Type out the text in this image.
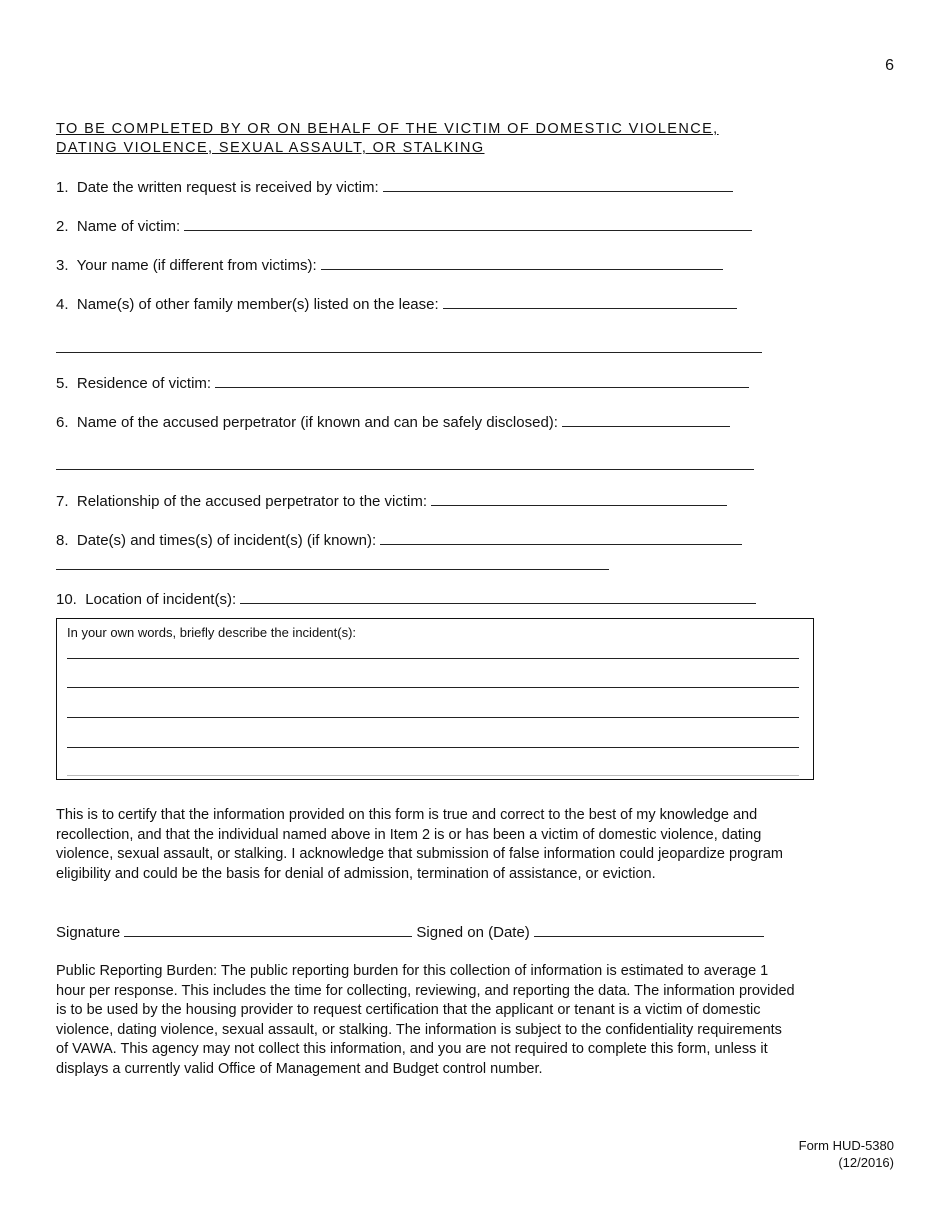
6
TO BE COMPLETED BY OR ON BEHALF OF THE VICTIM OF DOMESTIC VIOLENCE,
DATING VIOLENCE, SEXUAL ASSAULT, OR STALKING
1. Date the written request is received by victim:
2. Name of victim:
3. Your name (if different from victims):
4. Name(s) of other family member(s) listed on the lease:
5. Residence of victim:
6. Name of the accused perpetrator (if known and can be safely disclosed):
7. Relationship of the accused perpetrator to the victim:
8. Date(s) and times(s) of incident(s) (if known):
10. Location of incident(s):
In your own words, briefly describe the incident(s):
This is to certify that the information provided on this form is true and correct to the best of my knowledge and recollection, and that the individual named above in Item 2 is or has been a victim of domestic violence, dating violence, sexual assault, or stalking. I acknowledge that submission of false information could jeopardize program eligibility and could be the basis for denial of admission, termination of assistance, or eviction.
Signature	Signed on (Date)
Public Reporting Burden: The public reporting burden for this collection of information is estimated to average 1 hour per response. This includes the time for collecting, reviewing, and reporting the data. The information provided is to be used by the housing provider to request certification that the applicant or tenant is a victim of domestic violence, dating violence, sexual assault, or stalking. The information is subject to the confidentiality requirements of VAWA. This agency may not collect this information, and you are not required to complete this form, unless it displays a currently valid Office of Management and Budget control number.
Form HUD-5380
(12/2016)
